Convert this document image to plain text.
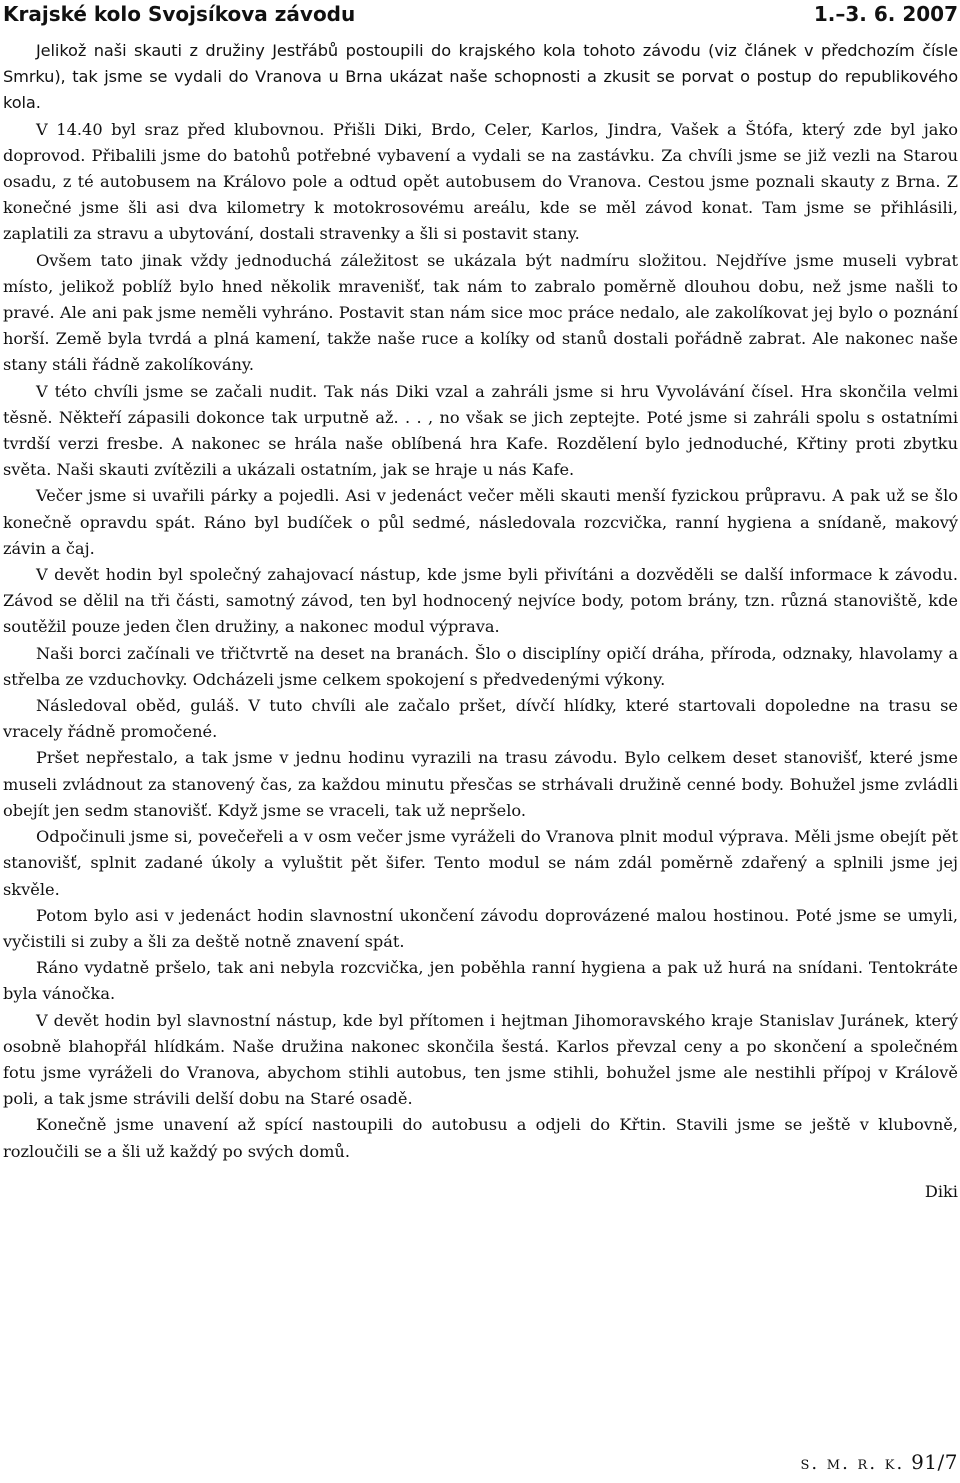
Krajské kolo Svojsíkova závodu	1.–3. 6. 2007

Jelikož naši skauti z družiny Jestřábů postoupili do krajského kola tohoto závodu (viz článek v předchozím čísle Smrku), tak jsme se vydali do Vranova u Brna ukázat naše schopnosti a zkusit se porvat o postup do republikového kola.

V 14.40 byl sraz před klubovnou. Přišli Diki, Brdo, Celer, Karlos, Jindra, Vašek a Štófa, který zde byl jako doprovod. Přibalili jsme do batohů potřebné vybavení a vydali se na zastávku. Za chvíli jsme se již vezli na Starou osadu, z té autobusem na Královo pole a odtud opět autobusem do Vranova. Cestou jsme poznali skauty z Brna. Z konečné jsme šli asi dva kilometry k motokrosovému areálu, kde se měl závod konat. Tam jsme se přihlásili, zaplatili za stravu a ubytování, dostali stravenky a šli si postavit stany.

Ovšem tato jinak vždy jednoduchá záležitost se ukázala být nadmíru složitou. Nejdříve jsme museli vybrat místo, jelikož poblíž bylo hned několik mravenišť, tak nám to zabralo poměrně dlouhou dobu, než jsme našli to pravé. Ale ani pak jsme neměli vyhráno. Postavit stan nám sice moc práce nedalo, ale zakolíkovat jej bylo o poznání horší. Země byla tvrdá a plná kamení, takže naše ruce a kolíky od stanů dostali pořádně zabrat. Ale nakonec naše stany stáli řádně zakolíkovány.

V této chvíli jsme se začali nudit. Tak nás Diki vzal a zahráli jsme si hru Vyvolávání čísel. Hra skončila velmi těsně. Někteří zápasili dokonce tak urputně až. . . , no však se jich zeptejte. Poté jsme si zahráli spolu s ostatními tvrdší verzi fresbe. A nakonec se hrála naše oblíbená hra Kafe. Rozdělení bylo jednoduché, Křtiny proti zbytku světa. Naši skauti zvítězili a ukázali ostatním, jak se hraje u nás Kafe.

Večer jsme si uvařili párky a pojedli. Asi v jedenáct večer měli skauti menší fyzickou průpravu. A pak už se šlo konečně opravdu spát. Ráno byl budíček o půl sedmé, následovala rozcvička, ranní hygiena a snídaně, makový závin a čaj.

V devět hodin byl společný zahajovací nástup, kde jsme byli přivítáni a dozvěděli se další informace k závodu. Závod se dělil na tři části, samotný závod, ten byl hodnocený nejvíce body, potom brány, tzn. různá stanoviště, kde soutěžil pouze jeden člen družiny, a nakonec modul výprava.

Naši borci začínali ve třičtvrtě na deset na branách. Šlo o disciplíny opičí dráha, příroda, odznaky, hlavolamy a střelba ze vzduchovky. Odcházeli jsme celkem spokojení s předvedenými výkony.

Následoval oběd, guláš. V tuto chvíli ale začalo pršet, dívčí hlídky, které startovali dopoledne na trasu se vracely řádně promočené.

Pršet nepřestalo, a tak jsme v jednu hodinu vyrazili na trasu závodu. Bylo celkem deset stanovišť, které jsme museli zvládnout za stanovený čas, za každou minutu přesčas se strhávali družině cenné body. Bohužel jsme zvládli obejít jen sedm stanovišť. Když jsme se vraceli, tak už nepršelo.

Odpočinuli jsme si, povečeřeli a v osm večer jsme vyráželi do Vranova plnit modul výprava. Měli jsme obejít pět stanovišť, splnit zadané úkoly a vyluštit pět šifer. Tento modul se nám zdál poměrně zdařený a splnili jsme jej skvěle.

Potom bylo asi v jedenáct hodin slavnostní ukončení závodu doprovázené malou hostinou. Poté jsme se umyli, vyčistili si zuby a šli za deště notně znavení spát.

Ráno vydatně pršelo, tak ani nebyla rozcvička, jen poběhla ranní hygiena a pak už hurá na snídani. Tentokráte byla vánočka.

V devět hodin byl slavnostní nástup, kde byl přítomen i hejtman Jihomoravského kraje Stanislav Juránek, který osobně blahopřál hlídkám. Naše družina nakonec skončila šestá. Karlos převzal ceny a po skončení a společném fotu jsme vyráželi do Vranova, abychom stihli autobus, ten jsme stihli, bohužel jsme ale nestihli přípoj v Králově poli, a tak jsme strávili delší dobu na Staré osadě.

Konečně jsme unavení až spící nastoupili do autobusu a odjeli do Křtin. Stavili jsme se ještě v klubovně, rozloučili se a šli už každý po svých domů.

Diki
s. m. r. k. 91/7
